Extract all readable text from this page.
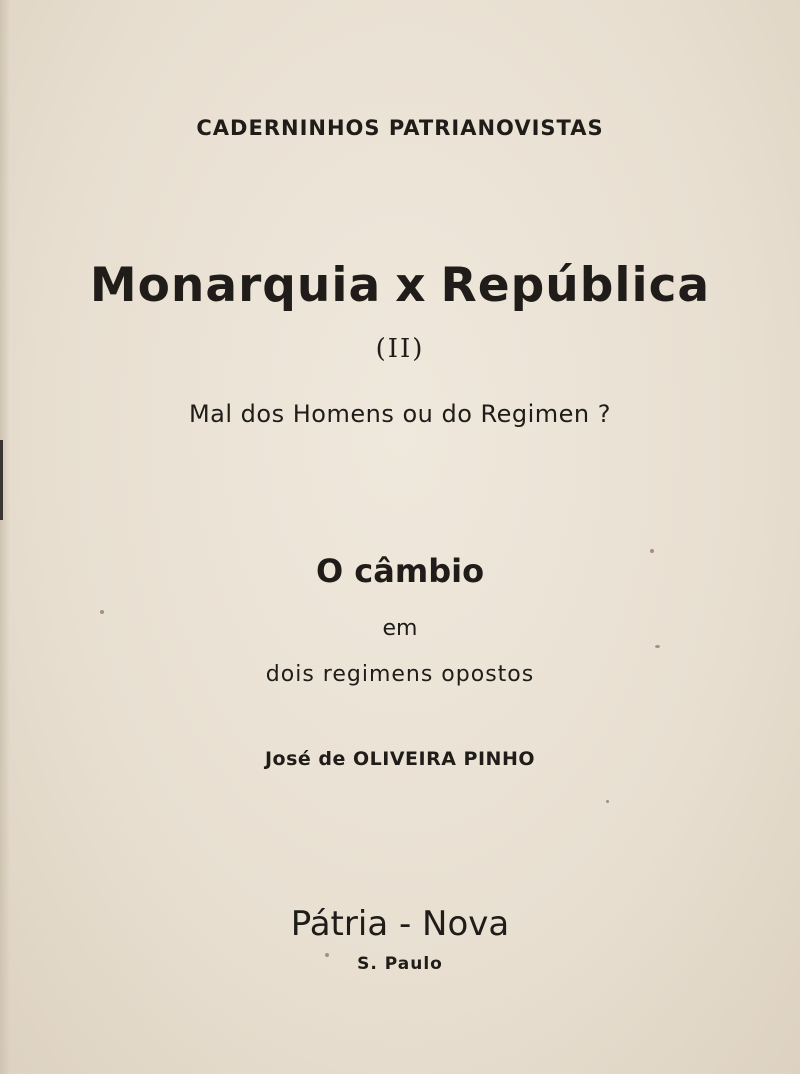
CADERNINHOS PATRIANOVISTAS
Monarquia x República
(II)
Mal dos Homens ou do Regimen ?
O câmbio
em
dois regimens opostos
José de OLIVEIRA PINHO
Pátria - Nova
S. Paulo
